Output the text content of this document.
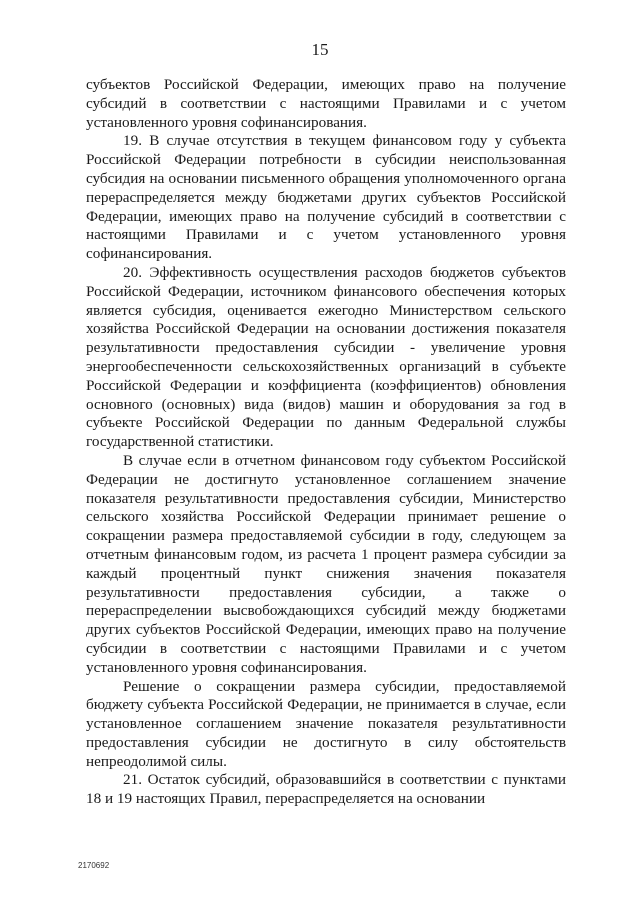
15

субъектов Российской Федерации, имеющих право на получение субсидий в соответствии с настоящими Правилами и с учетом установленного уровня софинансирования.

19. В случае отсутствия в текущем финансовом году у субъекта Российской Федерации потребности в субсидии неиспользованная субсидия на основании письменного обращения уполномоченного органа перераспределяется между бюджетами других субъектов Российской Федерации, имеющих право на получение субсидий в соответствии с настоящими Правилами и с учетом установленного уровня софинансирования.

20. Эффективность осуществления расходов бюджетов субъектов Российской Федерации, источником финансового обеспечения которых является субсидия, оценивается ежегодно Министерством сельского хозяйства Российской Федерации на основании достижения показателя результативности предоставления субсидии - увеличение уровня энергообеспеченности сельскохозяйственных организаций в субъекте Российской Федерации и коэффициента (коэффициентов) обновления основного (основных) вида (видов) машин и оборудования за год в субъекте Российской Федерации по данным Федеральной службы государственной статистики.

В случае если в отчетном финансовом году субъектом Российской Федерации не достигнуто установленное соглашением значение показателя результативности предоставления субсидии, Министерство сельского хозяйства Российской Федерации принимает решение о сокращении размера предоставляемой субсидии в году, следующем за отчетным финансовым годом, из расчета 1 процент размера субсидии за каждый процентный пункт снижения значения показателя результативности предоставления субсидии, а также о перераспределении высвобождающихся субсидий между бюджетами других субъектов Российской Федерации, имеющих право на получение субсидии в соответствии с настоящими Правилами и с учетом установленного уровня софинансирования.

Решение о сокращении размера субсидии, предоставляемой бюджету субъекта Российской Федерации, не принимается в случае, если установленное соглашением значение показателя результативности предоставления субсидии не достигнуто в силу обстоятельств непреодолимой силы.

21. Остаток субсидий, образовавшийся в соответствии с пунктами 18 и 19 настоящих Правил, перераспределяется на основании

2170692
